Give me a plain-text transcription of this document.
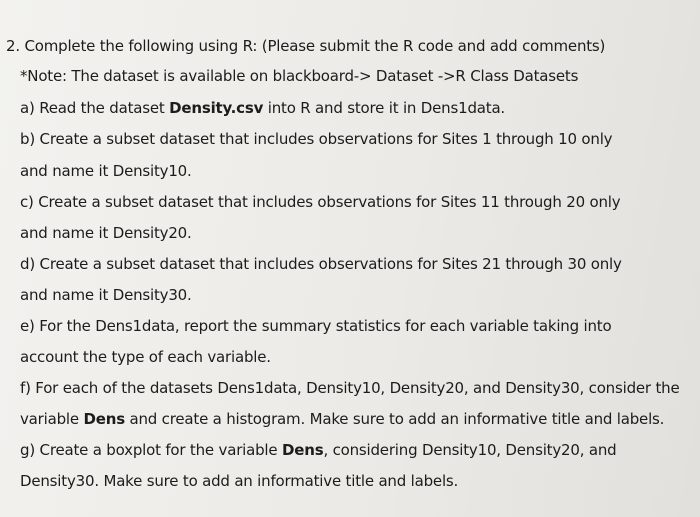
2. Complete the following using R: (Please submit the R code and add comments)
*Note: The dataset is available on blackboard-> Dataset ->R Class Datasets
a) Read the dataset Density.csv into R and store it in Dens1data.
b) Create a subset dataset that includes observations for Sites 1 through 10 only
and name it Density10.
c) Create a subset dataset that includes observations for Sites 11 through 20 only
and name it Density20.
d) Create a subset dataset that includes observations for Sites 21 through 30 only
and name it Density30.
e) For the Dens1data, report the summary statistics for each variable taking into
account the type of each variable.
f) For each of the datasets Dens1data, Density10, Density20, and Density30, consider the
variable Dens and create a histogram. Make sure to add an informative title and labels.
g) Create a boxplot for the variable Dens, considering Density10, Density20, and
Density30. Make sure to add an informative title and labels.
